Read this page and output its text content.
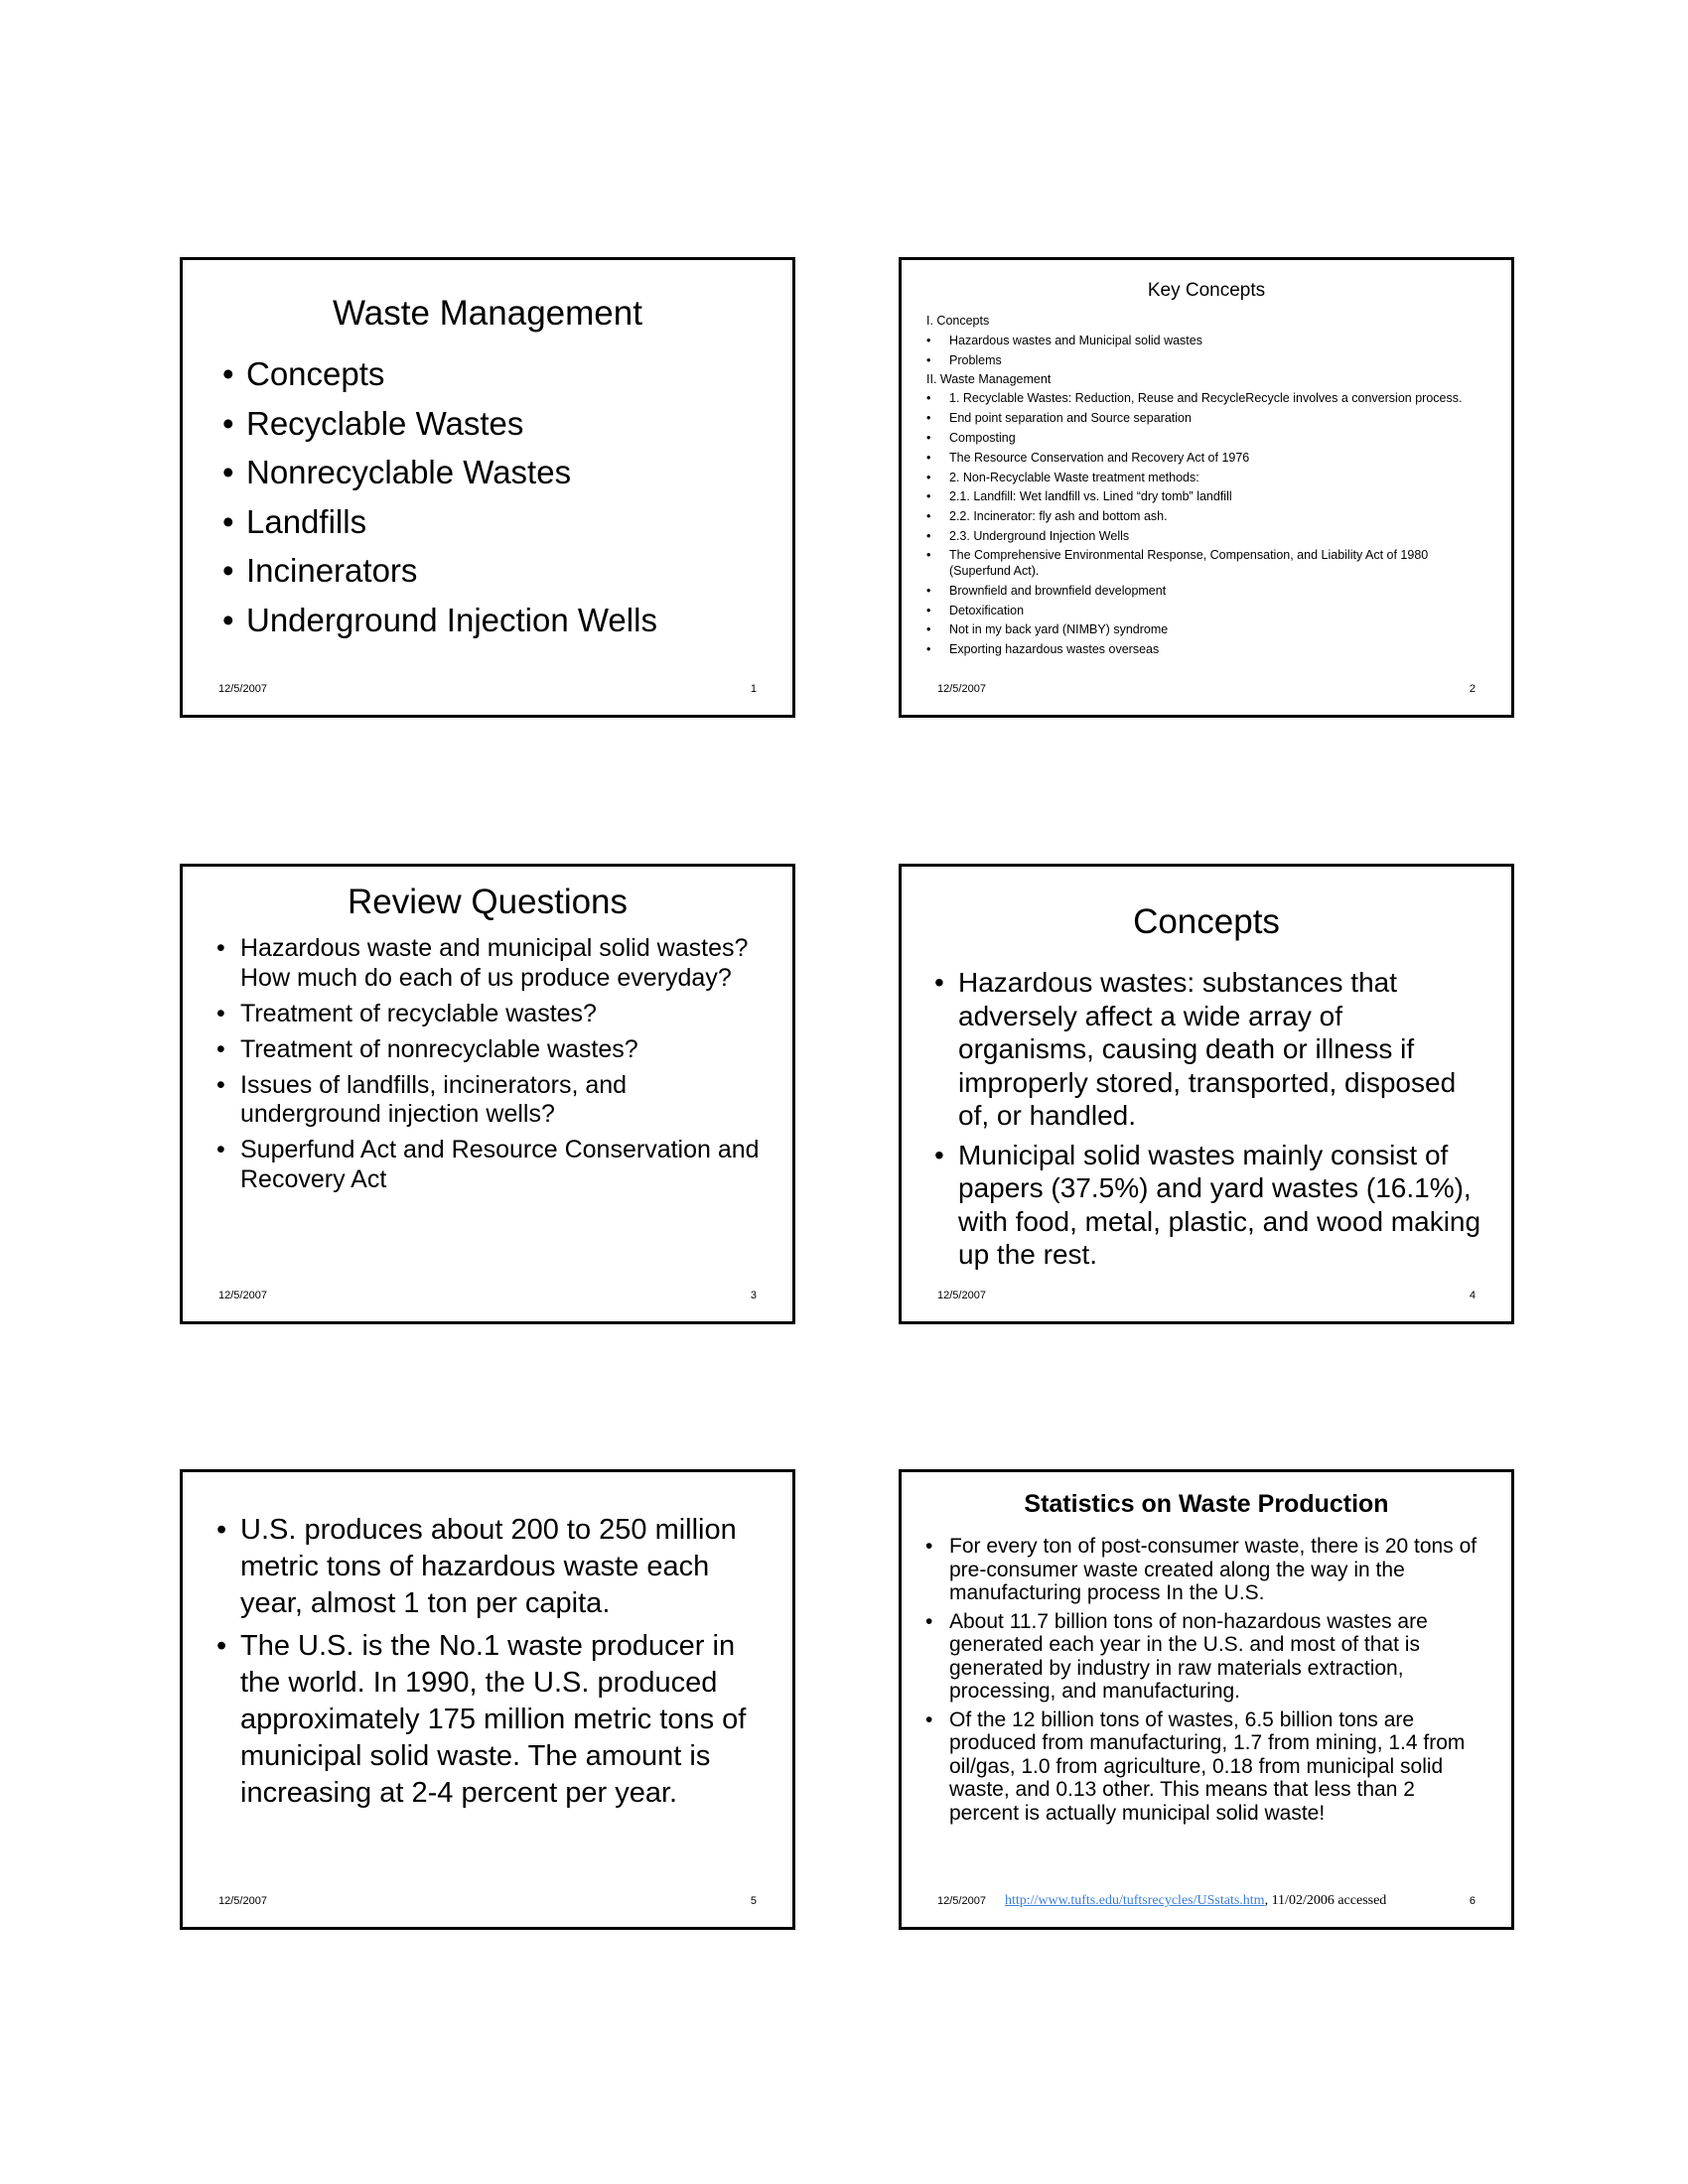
Waste Management
• Concepts
• Recyclable Wastes
• Nonrecyclable Wastes
• Landfills
• Incinerators
• Underground Injection Wells
12/5/2007	1
Key Concepts
I. Concepts
• Hazardous wastes and Municipal solid wastes
• Problems
II. Waste Management
• 1. Recyclable Wastes: Reduction, Reuse and RecycleRecycle involves a conversion process.
• End point separation and Source separation
• Composting
• The Resource Conservation and Recovery Act of 1976
• 2. Non-Recyclable Waste treatment methods:
• 2.1. Landfill: Wet landfill vs. Lined “dry tomb” landfill
• 2.2. Incinerator: fly ash and bottom ash.
• 2.3. Underground Injection Wells
• The Comprehensive Environmental Response, Compensation, and Liability Act of 1980 (Superfund Act).
• Brownfield and brownfield development
• Detoxification
• Not in my back yard (NIMBY) syndrome
• Exporting hazardous wastes overseas
12/5/2007	2
Review Questions
• Hazardous waste and municipal solid wastes? How much do each of us produce everyday?
• Treatment of recyclable wastes?
• Treatment of nonrecyclable wastes?
• Issues of landfills, incinerators, and underground injection wells?
• Superfund Act and Resource Conservation and Recovery Act
12/5/2007	3
Concepts
• Hazardous wastes: substances that adversely affect a wide array of organisms, causing death or illness if improperly stored, transported, disposed of, or handled.
• Municipal solid wastes mainly consist of papers (37.5%) and yard wastes (16.1%), with food, metal, plastic, and wood making up the rest.
12/5/2007	4
• U.S. produces about 200 to 250 million metric tons of hazardous waste each year, almost 1 ton per capita.
• The U.S. is the No.1 waste producer in the world. In 1990, the U.S. produced approximately 175 million metric tons of municipal solid waste. The amount is increasing at 2-4 percent per year.
12/5/2007	5
Statistics on Waste Production
• For every ton of post-consumer waste, there is 20 tons of pre-consumer waste created along the way in the manufacturing process In the U.S.
• About 11.7 billion tons of non-hazardous wastes are generated each year in the U.S. and most of that is generated by industry in raw materials extraction, processing, and manufacturing.
• Of the 12 billion tons of wastes, 6.5 billion tons are produced from manufacturing, 1.7 from mining, 1.4 from oil/gas, 1.0 from agriculture, 0.18 from municipal solid waste, and 0.13 other. This means that less than 2 percent is actually municipal solid waste!
12/5/2007 http://www.tufts.edu/tuftsrecycles/USstats.htm, 11/02/2006 accessed	6
